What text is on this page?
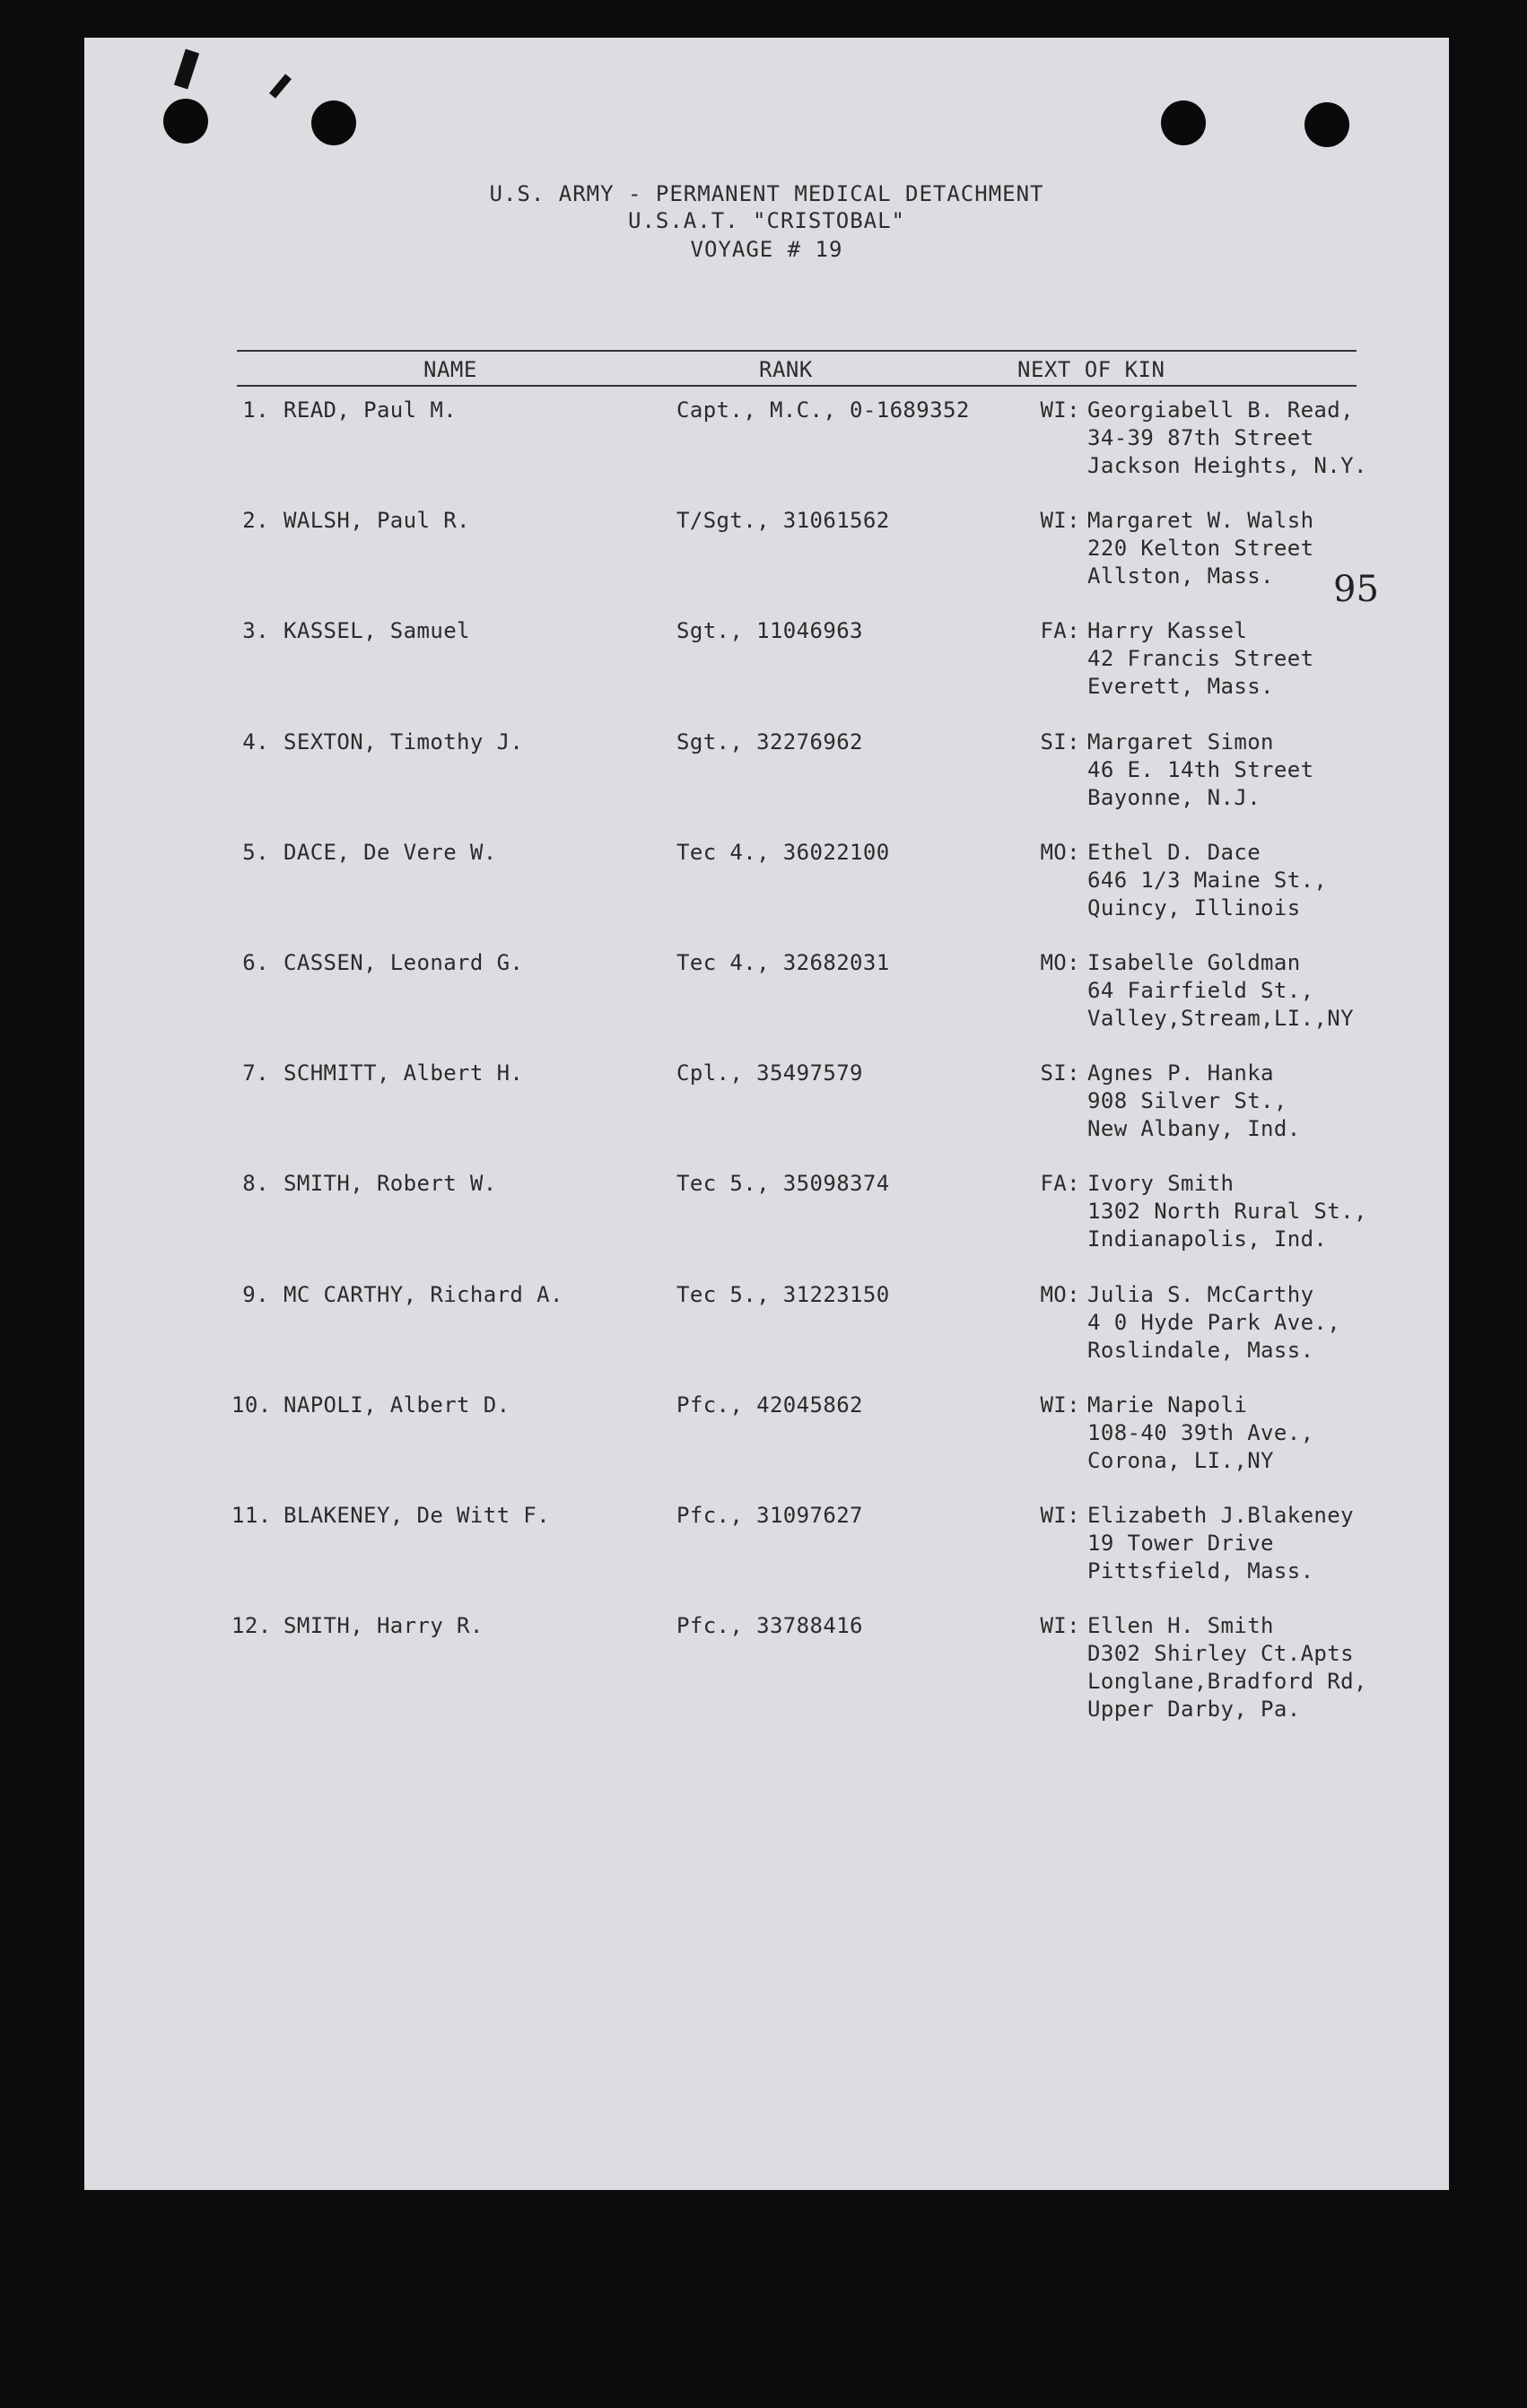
U.S. ARMY - PERMANENT MEDICAL DETACHMENT
U.S.A.T. "CRISTOBAL"
VOYAGE # 19
NAME	RANK	NEXT OF KIN
95
1. READ, Paul M.	Capt., M.C., 0-1689352	WI: Georgiabell B. Read,
34-39 87th Street
Jackson Heights, N.Y.
2. WALSH, Paul R.	T/Sgt., 31061562	WI: Margaret W. Walsh
220 Kelton Street
Allston, Mass.
3. KASSEL, Samuel	Sgt., 11046963	FA: Harry Kassel
42 Francis Street
Everett, Mass.
4. SEXTON, Timothy J.	Sgt., 32276962	SI: Margaret Simon
46 E. 14th Street
Bayonne, N.J.
5. DACE, De Vere W.	Tec 4., 36022100	MO: Ethel D. Dace
646 1/3 Maine St.,
Quincy, Illinois
6. CASSEN, Leonard G.	Tec 4., 32682031	MO: Isabelle Goldman
64 Fairfield St.,
Valley,Stream,LI.,NY
7. SCHMITT, Albert H.	Cpl., 35497579	SI: Agnes P. Hanka
908 Silver St.,
New Albany, Ind.
8. SMITH, Robert W.	Tec 5., 35098374	FA: Ivory Smith
1302 North Rural St.,
Indianapolis, Ind.
9. MC CARTHY, Richard A.	Tec 5., 31223150	MO: Julia S. McCarthy
4 0 Hyde Park Ave.,
Roslindale, Mass.
10. NAPOLI, Albert D.	Pfc., 42045862	WI: Marie Napoli
108-40 39th Ave.,
Corona, LI.,NY
11. BLAKENEY, De Witt F.	Pfc., 31097627	WI: Elizabeth J.Blakeney
19 Tower Drive
Pittsfield, Mass.
12. SMITH, Harry R.	Pfc., 33788416	WI: Ellen H. Smith
D302 Shirley Ct.Apts
Longlane,Bradford Rd,
Upper Darby, Pa.
